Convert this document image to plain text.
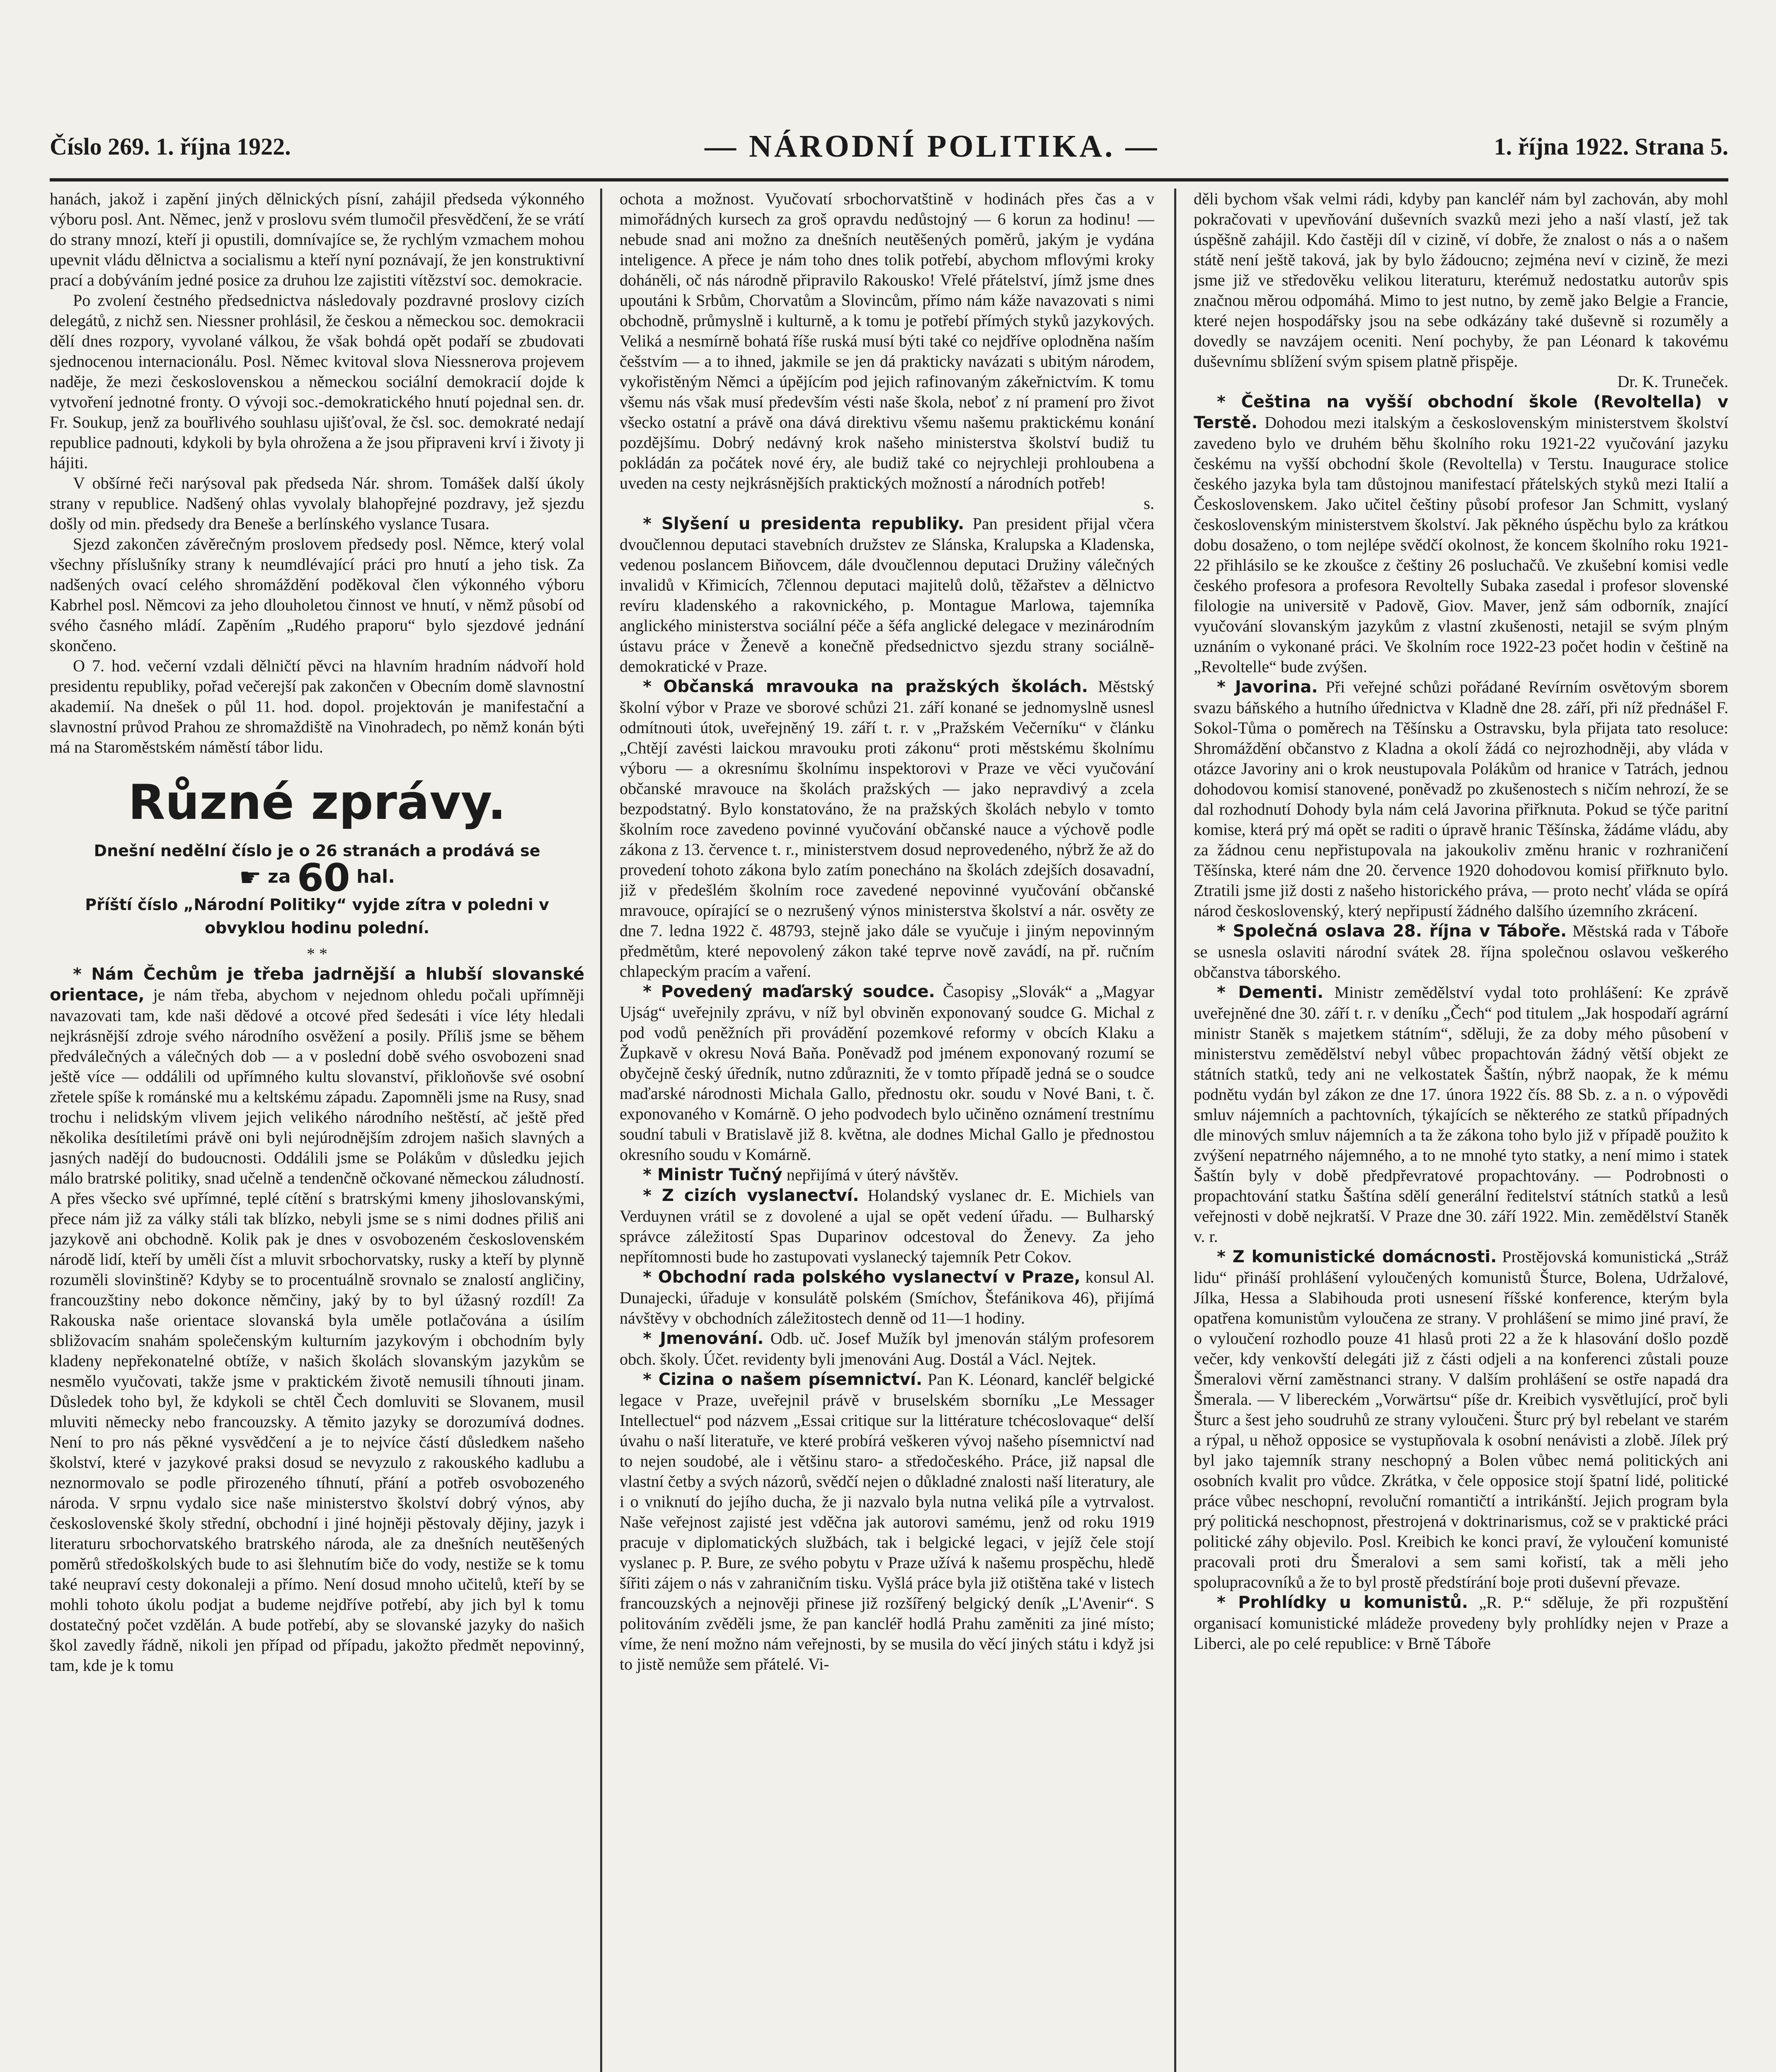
Číslo 269. 1. října 1922.	— NÁRODNÍ POLITIKA. —	1. října 1922. Strana 5.

hanách, jakož i zapění jiných dělnických písní, zahájil předseda výkonného výboru posl. Ant. Němec, jenž v proslovu svém tlumočil přesvědčení, že se vrátí do strany mnozí, kteří ji opustili, domnívajíce se, že rychlým vzmachem mohou upevnit vládu dělnictva a socialismu a kteří nyní poznávají, že jen konstruktivní prací a dobýváním jedné posice za druhou lze zajistiti vítězství soc. demokracie.

Po zvolení čestného předsednictva následovaly pozdravné proslovy cizích delegátů, z nichž sen. Niessner prohlásil, že českou a německou soc. demokracii dělí dnes rozpory, vyvolané válkou, že však bohdá opět podaří se zbudovati sjednocenou internacionálu. Posl. Němec kvitoval slova Niessnerova projevem naděje, že mezi československou a německou sociální demokracií dojde k vytvoření jednotné fronty. O vývoji soc.-demokratického hnutí pojednal sen. dr. Fr. Soukup, jenž za bouřlivého souhlasu ujišťoval, že čsl. soc. demokraté nedají republice padnouti, kdykoli by byla ohrožena a že jsou připraveni krví i životy ji hájiti.

V obšírné řeči narýsoval pak předseda Nár. shrom. Tomášek další úkoly strany v republice. Nadšený ohlas vyvolaly blahopřejné pozdravy, jež sjezdu došly od min. předsedy dra Beneše a berlínského vyslance Tusara.

Sjezd zakončen závěrečným proslovem předsedy posl. Němce, který volal všechny příslušníky strany k neumdlévající práci pro hnutí a jeho tisk. Za nadšených ovací celého shromáždění poděkoval člen výkonného výboru Kabrhel posl. Němcovi za jeho dlouholetou činnost ve hnutí, v němž působí od svého časného mládí. Zapěním „Rudého praporu“ bylo sjezdové jednání skončeno.

O 7. hod. večerní vzdali dělničtí pěvci na hlavním hradním nádvoří hold presidentu republiky, pořad večerejší pak zakončen v Obecním domě slavnostní akademií. Na dnešek o půl 11. hod. dopol. projektován je manifestační a slavnostní průvod Prahou ze shromaždiště na Vinohradech, po němž konán býti má na Staroměstském náměstí tábor lidu.

Různé zprávy.
Dnešní nedělní číslo je o 26 stranách a prodává se
☛ za 60 hal.
Příští číslo „Národní Politiky“ vyjde zítra v poledni v obvyklou hodinu polední.
* *

* Nám Čechům je třeba jadrnější a hlubší slovanské orientace, je nám třeba, abychom v nejednom ohledu počali upřímněji navazovati tam, kde naši dědové a otcové před šedesáti i více léty hledali nejkrásnější zdroje svého národního osvěžení a posily. Příliš jsme se během předválečných a válečných dob — a v poslední době svého osvobozeni snad ještě více — oddálili od upřímného kultu slovanství, přikloňovše své osobní zřetele spíše k románské mu a keltskému západu. Zapomněli jsme na Rusy, snad trochu i nelidským vlivem jejich velikého národního neštěstí, ač ještě před několika desítiletími právě oni byli nejúrodnějším zdrojem našich slavných a jasných nadějí do budoucnosti. Oddálili jsme se Polákům v důsledku jejich málo bratrské politiky, snad učelně a tendenčně očkované německou záludností. A přes všecko své upřímné, teplé cítění s bratrskými kmeny jihoslovanskými, přece nám již za války stáli tak blízko, nebyli jsme se s nimi dodnes přiliš ani jazykově ani obchodně. Kolik pak je dnes v osvobozeném československém národě lidí, kteří by uměli číst a mluvit srbochorvatsky, rusky a kteří by plynně rozuměli slovinštině? Kdyby se to procentuálně srovnalo se znalostí angličiny, francouzštiny nebo dokonce němčiny, jaký by to byl úžasný rozdíl! Za Rakouska naše orientace slovanská byla uměle potlačována a úsilím sbližovacím snahám společenským kulturním jazykovým i obchodním byly kladeny nepřekonatelné obtíže, v našich školách slovanským jazykům se nesmělo vyučovati, takže jsme v praktickém životě nemusili tíhnouti jinam. Důsledek toho byl, že kdykoli se chtěl Čech domluviti se Slovanem, musil mluviti německy nebo francouzsky. A těmito jazyky se dorozumívá dodnes. Není to pro nás pěkné vysvědčení a je to nejvíce částí důsledkem našeho školství, které v jazykové praksi dosud se nevyzulo z rakouského kadlubu a neznormovalo se podle přirozeného tíhnutí, přání a potřeb osvobozeného národa. V srpnu vydalo sice naše ministerstvo školství dobrý výnos, aby československé školy střední, obchodní i jiné hojněji pěstovaly dějiny, jazyk i literaturu srbochorvatského bratrského národa, ale za dnešních neutěšených poměrů středoškolských bude to asi šlehnutím biče do vody, nestiže se k tomu také neupraví cesty dokonaleji a přímo. Není dosud mnoho učitelů, kteří by se mohli tohoto úkolu podjat a budeme nejdříve potřebí, aby jich byl k tomu dostatečný počet vzdělán. A bude potřebí, aby se slovanské jazyky do našich škol zavedly řádně, nikoli jen případ od případu, jakožto předmět nepovinný, tam, kde je k tomu

ochota a možnost. Vyučovatí srbochorvatštině v hodinách přes čas a v mimořádných kursech za groš opravdu nedůstojný — 6 korun za hodinu! — nebude snad ani možno za dnešních neutěšených poměrů, jakým je vydána inteligence. A přece je nám toho dnes tolik potřebí, abychom mflovými kroky doháněli, oč nás národně připravilo Rakousko! Vřelé přátelství, jímž jsme dnes upoutáni k Srbům, Chorvatům a Slovincům, přímo nám káže navazovati s nimi obchodně, průmyslně i kulturně, a k tomu je potřebí přímých styků jazykových. Veliká a nesmírně bohatá říše ruská musí býti také co nejdříve oplodněna naším češstvím — a to ihned, jakmile se jen dá prakticky navázati s ubitým národem, vykořistěným Němci a úpějícím pod jejich rafinovaným zákeřnictvím. K tomu všemu nás však musí především vésti naše škola, neboť z ní pramení pro život všecko ostatní a právě ona dává direktivu všemu našemu praktickému konání pozdějšímu. Dobrý nedávný krok našeho ministerstva školství budiž tu pokládán za počátek nové éry, ale budiž také co nejrychleji prohloubena a uveden na cesty nejkrásnějších praktických možností a národních potřeb!

s.

* Slyšení u presidenta republiky. Pan president přijal včera dvoučlennou deputaci stavebních družstev ze Slánska, Kralupska a Kladenska, vedenou poslancem Biňovcem, dále dvoučlennou deputaci Družiny válečných invalidů v Křimicích, 7člennou deputaci majitelů dolů, těžařstev a dělnictvo revíru kladenského a rakovnického, p. Montague Marlowa, tajemníka anglického ministerstva sociální péče a šéfa anglické delegace v mezinárodním ústavu práce v Ženevě a konečně předsednictvo sjezdu strany sociálně-demokratické v Praze.

* Občanská mravouka na pražských školách. Městský školní výbor v Praze ve sborové schůzi 21. září konané se jednomyslně usnesl odmítnouti útok, uveřejněný 19. září t. r. v „Pražském Večerníku“ v článku „Chtějí zavésti laickou mravouku proti zákonu“ proti městskému školnímu výboru — a okresnímu školnímu inspektorovi v Praze ve věci vyučování občanské mravouce na školách pražských — jako nepravdivý a zcela bezpodstatný. Bylo konstatováno, že na pražských školách nebylo v tomto školním roce zavedeno povinné vyučování občanské nauce a výchově podle zákona z 13. července t. r., ministerstvem dosud neprovedeného, nýbrž že až do provedení tohoto zákona bylo zatím ponecháno na školách zdejších dosavadní, již v předešlém školním roce zavedené nepovinné vyučování občanské mravouce, opírající se o nezrušený výnos ministerstva školství a nár. osvěty ze dne 7. ledna 1922 č. 48793, stejně jako dále se vyučuje i jiným nepovinným předmětům, které nepovolený zákon také teprve nově zavádí, na př. ručním chlapeckým pracím a vaření.

* Povedený maďarský soudce. Časopisy „Slovák“ a „Magyar Ujság“ uveřejnily zprávu, v níž byl obviněn exponovaný soudce G. Michal z pod vodů peněžních při provádění pozemkové reformy v obcích Klaku a Župkavě v okresu Nová Baňa. Poněvadž pod jménem exponovaný rozumí se obyčejně český úředník, nutno zdůrazniti, že v tomto případě jedná se o soudce maďarské národnosti Michala Gallo, přednostu okr. soudu v Nové Bani, t. č. exponovaného v Komárně. O jeho podvodech bylo učiněno oznámení trestnímu soudní tabuli v Bratislavě již 8. května, ale dodnes Michal Gallo je přednostou okresního soudu v Komárně.

* Ministr Tučný nepřijímá v úterý návštěv.

* Z cizích vyslanectví. Holandský vyslanec dr. E. Michiels van Verduynen vrátil se z dovolené a ujal se opět vedení úřadu. — Bulharský správce záležitostí Spas Duparinov odcestoval do Ženevy. Za jeho nepřítomnosti bude ho zastupovati vyslanecký tajemník Petr Cokov.

* Obchodní rada polského vyslanectví v Praze, konsul Al. Dunajecki, úřaduje v konsulátě polském (Smíchov, Štefánikova 46), přijímá návštěvy v obchodních záležitostech denně od 11—1 hodiny.

* Jmenování. Odb. uč. Josef Mužík byl jmenován stálým profesorem obch. školy. Účet. revidenty byli jmenováni Aug. Dostál a Václ. Nejtek.

* Cizina o našem písemnictví. Pan K. Léonard, kancléř belgické legace v Praze, uveřejnil právě v bruselském sborníku „Le Messager Intellectuel“ pod názvem „Essai critique sur la littérature tchécoslovaque“ delší úvahu o naší literatuře, ve které probírá veškeren vývoj našeho písemnictví nad to nejen soudobé, ale i většinu staro- a středočeského. Práce, již napsal dle vlastní četby a svých názorů, svědčí nejen o důkladné znalosti naší literatury, ale i o vniknutí do jejího ducha, že ji nazvalo byla nutna veliká píle a vytrvalost. Naše veřejnost zajisté jest vděčna jak autorovi samému, jenž od roku 1919 pracuje v diplomatických službách, tak i belgické legaci, v jejíž čele stojí vyslanec p. P. Bure, ze svého pobytu v Praze užívá k našemu prospěchu, hledě šířiti zájem o nás v zahraničním tisku. Vyšlá práce byla již otištěna také v listech francouzských a nejnověji přinese již rozšířený belgický deník „L'Avenir“. S politováním zvěděli jsme, že pan kancléř hodlá Prahu zaměniti za jiné místo; víme, že není možno nám veřejnosti, by se musila do věcí jiných státu i když jsi to jistě nemůže sem přátelé. Vi-

děli bychom však velmi rádi, kdyby pan kancléř nám byl zachován, aby mohl pokračovati v upevňování duševních svazků mezi jeho a naší vlastí, jež tak úspěšně zahájil. Kdo častěji díl v cizině, ví dobře, že znalost o nás a o našem státě není ještě taková, jak by bylo žádoucno; zejména neví v cizině, že mezi jsme již ve středověku velikou literaturu, kterémuž nedostatku autorův spis značnou měrou odpomáhá. Mimo to jest nutno, by země jako Belgie a Francie, které nejen hospodářsky jsou na sebe odkázány také duševně si rozuměly a dovedly se navzájem oceniti. Není pochyby, že pan Léonard k takovému duševnímu sblížení svým spisem platně přispěje.

Dr. K. Truneček.

* Čeština na vyšší obchodní škole (Revoltella) v Terstě. Dohodou mezi italským a československým ministerstvem školství zavedeno bylo ve druhém běhu školního roku 1921-22 vyučování jazyku českému na vyšší obchodní škole (Revoltella) v Terstu. Inaugurace stolice českého jazyka byla tam důstojnou manifestací přátelských styků mezi Italií a Československem. Jako učitel češtiny působí profesor Jan Schmitt, vyslaný československým ministerstvem školství. Jak pěkného úspěchu bylo za krátkou dobu dosaženo, o tom nejlépe svědčí okolnost, že koncem školního roku 1921-22 přihlásilo se ke zkoušce z češtiny 26 posluchačů. Ve zkušební komisi vedle českého profesora a profesora Revoltelly Subaka zasedal i profesor slovenské filologie na universitě v Padově, Giov. Maver, jenž sám odborník, znající vyučování slovanským jazykům z vlastní zkušenosti, netajil se svým plným uznáním o vykonané práci. Ve školním roce 1922-23 počet hodin v češtině na „Revoltelle“ bude zvýšen.

* Javorina. Při veřejné schůzi pořádané Revírním osvětovým sborem svazu báňského a hutního úřednictva v Kladně dne 28. září, při níž přednášel F. Sokol-Tůma o poměrech na Těšínsku a Ostravsku, byla přijata tato resoluce: Shromáždění občanstvo z Kladna a okolí žádá co nejrozhodněji, aby vláda v otázce Javoriny ani o krok neustupovala Polákům od hranice v Tatrách, jednou dohodovou komisí stanovené, poněvadž po zkušenostech s ničím nehrozí, že se dal rozhodnutí Dohody byla nám celá Javorina přiřknuta. Pokud se týče paritní komise, která prý má opět se raditi o úpravě hranic Těšínska, žádáme vládu, aby za žádnou cenu nepřistupovala na jakoukoliv změnu hranic v rozhraničení Těšínska, které nám dne 20. července 1920 dohodovou komisí přiřknuto bylo. Ztratili jsme již dosti z našeho historického práva, — proto nechť vláda se opírá národ československý, který nepřipustí žádného dalšího územního zkrácení.

* Společná oslava 28. října v Táboře. Městská rada v Táboře se usnesla oslaviti národní svátek 28. října společnou oslavou veškerého občanstva táborského.

* Dementi. Ministr zemědělství vydal toto prohlášení: Ke zprávě uveřejněné dne 30. září t. r. v deníku „Čech“ pod titulem „Jak hospodaří agrární ministr Staněk s majetkem státním“, sděluji, že za doby mého působení v ministerstvu zemědělství nebyl vůbec propachtován žádný větší objekt ze státních statků, tedy ani ne velkostatek Šaštín, nýbrž naopak, že k mému podnětu vydán byl zákon ze dne 17. února 1922 čís. 88 Sb. z. a n. o výpovědi smluv nájemních a pachtovních, týkajících se některého ze statků případných dle minových smluv nájemních a ta že zákona toho bylo již v případě použito k zvýšení nepatrného nájemného, a to ne mnohé tyto statky, a není mimo i statek Šaštín byly v době předpřevratové propachtovány. — Podrobnosti o propachtování statku Šaštína sdělí generální ředitelství státních statků a lesů veřejnosti v době nejkratší. V Praze dne 30. září 1922. Min. zemědělství Staněk v. r.

* Z komunistické domácnosti. Prostějovská komunistická „Stráž lidu“ přináší prohlášení vyloučených komunistů Šturce, Bolena, Udržalové, Jílka, Hessa a Slabihouda proti usnesení říšské konference, kterým byla opatřena komunistům vyloučena ze strany. V prohlášení se mimo jiné praví, že o vyloučení rozhodlo pouze 41 hlasů proti 22 a že k hlasování došlo pozdě večer, kdy venkovští delegáti již z části odjeli a na konferenci zůstali pouze Šmeralovi věrní zaměstnanci strany. V dalším prohlášení se ostře napadá dra Šmerala. — V libereckém „Vorwärtsu“ píše dr. Kreibich vysvětlující, proč byli Šturc a šest jeho soudruhů ze strany vyloučeni. Šturc prý byl rebelant ve starém a rýpal, u něhož opposice se vystupňovala k osobní nenávisti a zlobě. Jílek prý byl jako tajemník strany neschopný a Bolen vůbec nemá politických ani osobních kvalit pro vůdce. Zkrátka, v čele opposice stojí špatní lidé, politické práce vůbec neschopní, revoluční romantičtí a intrikánští. Jejich program byla prý politická neschopnost, přestrojená v doktrinarismus, což se v praktické práci politické záhy objevilo. Posl. Kreibich ke konci praví, že vyloučení komunisté pracovali proti dru Šmeralovi a sem sami kořistí, tak a měli jeho spolupracovníků a že to byl prostě předstírání boje proti duševní převaze.

* Prohlídky u komunistů. „R. P.“ sděluje, že při rozpuštění organisací komunistické mládeže provedeny byly prohlídky nejen v Praze a Liberci, ale po celé republice: v Brně Táboře
